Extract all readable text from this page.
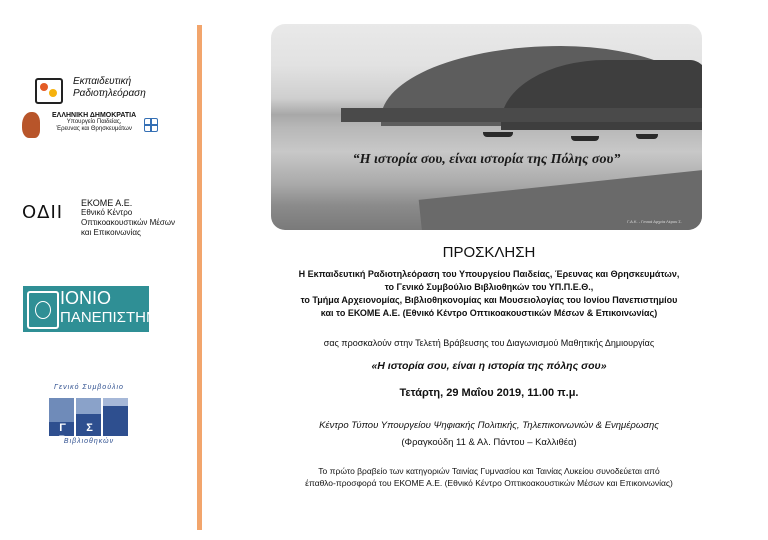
Εκπαιδευτική
Ραδιοτηλεόραση
ΕΛΛΗΝΙΚΗ ΔΗΜΟΚΡΑΤΙΑ
Υπουργείο Παιδείας,
Έρευνας και Θρησκευμάτων
ΟΔΙΙ ΕΚΟΜΕ Α.Ε.
Εθνικό Κέντρο
Οπτικοακουστικών Μέσων
και Επικοινωνίας
ΙΟΝΙΟ
ΠΑΝΕΠΙΣΤΗΜΙΟ
Γενικό Συμβούλιο
Γ ΣΒ
Βιβλιοθηκών
“Η ιστορία σου, είναι ιστορία της Πόλης σου”
Γ.Α.Κ. - Γενικά Αρχεία Λέρου Σ.
ΠΡΟΣΚΛΗΣΗ
Η Εκπαιδευτική Ραδιοτηλεόραση του Υπουργείου Παιδείας, Έρευνας και Θρησκευμάτων,
το Γενικό Συμβούλιο Βιβλιοθηκών του ΥΠ.Π.Ε.Θ.,
το Τμήμα Αρχειονομίας, Βιβλιοθηκονομίας και Μουσειολογίας του Ιονίου Πανεπιστημίου
και το ΕΚΟΜΕ Α.Ε. (Εθνικό Κέντρο Οπτικοακουστικών Μέσων & Επικοινωνίας)
σας προσκαλούν στην Τελετή Βράβευσης του Διαγωνισμού Μαθητικής Δημιουργίας
«Η ιστορία σου, είναι η ιστορία της πόλης σου»
Τετάρτη, 29 Μαΐου 2019, 11.00 π.μ.
Κέντρο Τύπου Υπουργείου Ψηφιακής Πολιτικής, Τηλεπικοινωνιών & Ενημέρωσης
(Φραγκούδη 11 & Αλ. Πάντου – Καλλιθέα)
Το πρώτο βραβείο των κατηγοριών Ταινίας Γυμνασίου και Ταινίας Λυκείου συνοδεύεται από
έπαθλο-προσφορά του ΕΚΟΜΕ Α.Ε. (Εθνικό Κέντρο Οπτικοακουστικών Μέσων και Επικοινωνίας)
